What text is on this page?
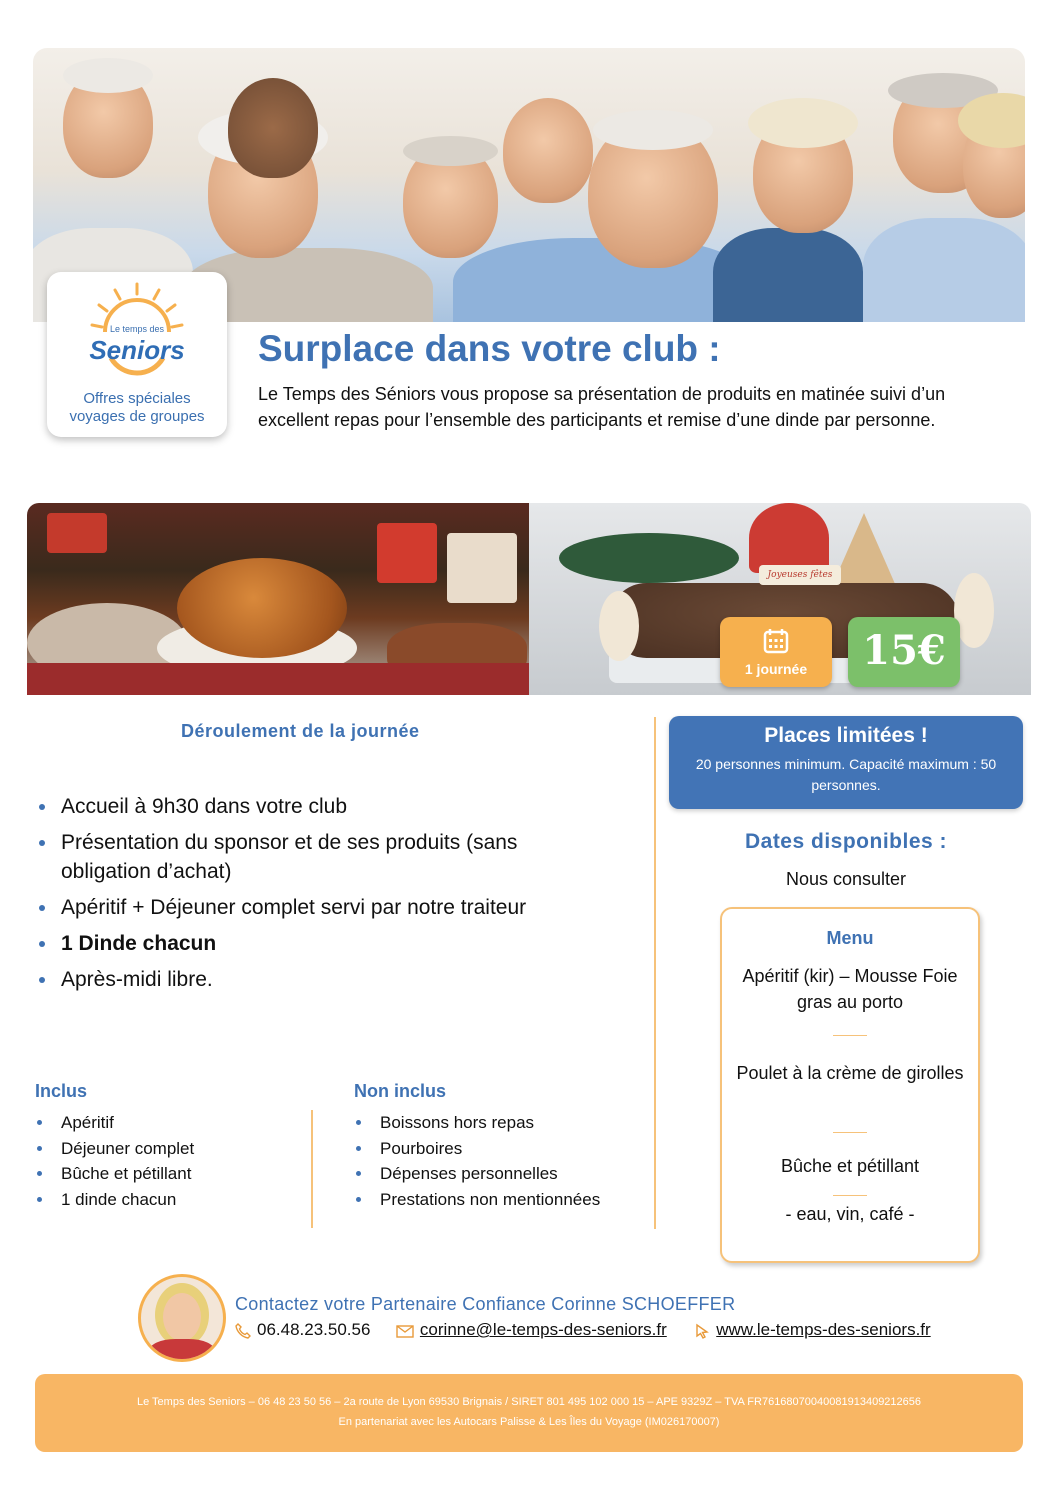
Le temps des
Seniors
Offres spéciales
voyages de groupes
Surplace dans votre club :
Le Temps des Séniors vous propose sa présentation de produits en matinée suivi d’un excellent repas pour l’ensemble des participants et remise d’une dinde par personne.
Joyeuses fêtes
1 journée	15€
Déroulement de la journée
Accueil à 9h30 dans votre club
Présentation du sponsor et de ses produits (sans obligation d’achat)
Apéritif + Déjeuner complet servi par notre traiteur
1 Dinde chacun
Après-midi libre.
Inclus
Apéritif
Déjeuner complet
Bûche et pétillant
1 dinde chacun
Non inclus
Boissons hors repas
Pourboires
Dépenses personnelles
Prestations non mentionnées
Places limitées !
20 personnes minimum. Capacité maximum : 50 personnes.
Dates disponibles :
Nous consulter
Menu
Apéritif (kir) – Mousse Foie gras au porto
Poulet à la crème de girolles
Bûche et pétillant
- eau, vin, café -
Contactez votre Partenaire Confiance Corinne SCHOEFFER
06.48.23.50.56	corinne@le-temps-des-seniors.fr	www.le-temps-des-seniors.fr
Le Temps des Seniors – 06 48 23 50 56 – 2a route de Lyon 69530 Brignais / SIRET 801 495 102 000 15 – APE 9329Z – TVA FR76168070040081913409212656
En partenariat avec les Autocars Palisse & Les Îles du Voyage (IM026170007)
